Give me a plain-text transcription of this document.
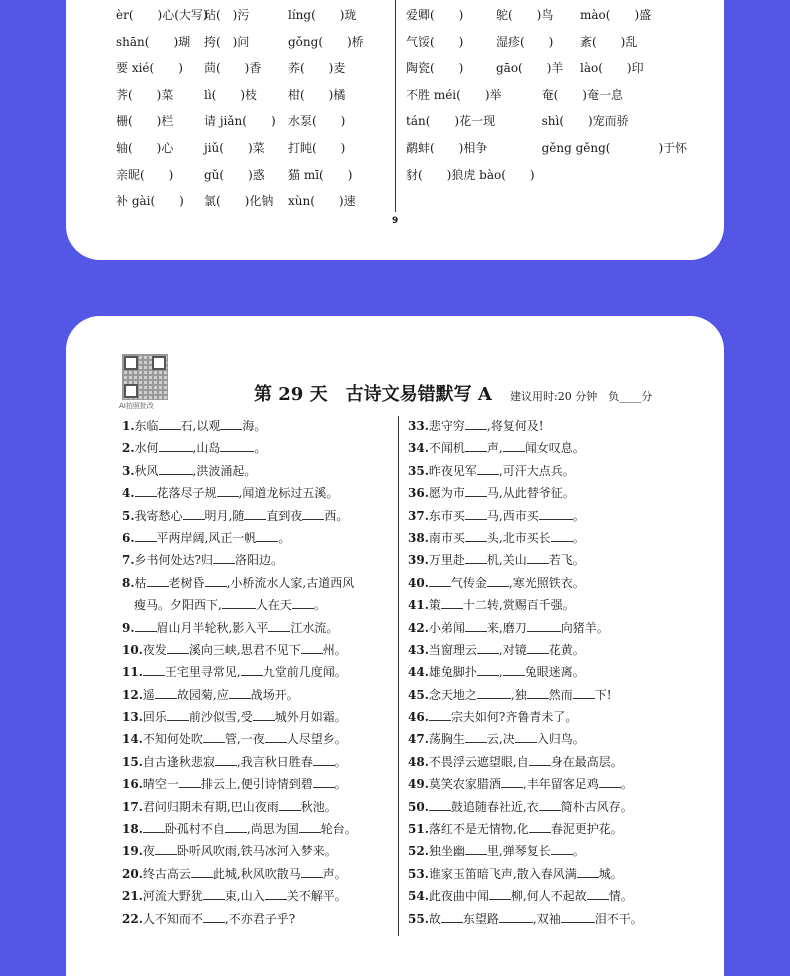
èr(　　)心(大写)玷(　)污	líng(　　)珑
shān(　　)瑚 挎(　)问	gǒng(　　)桥
要 xié(　　) 茴(　　)香 荞(　　)麦
荠(　　)菜	lì(　　)枝	柑(　　)橘
栅(　　)栏	请 jiǎn(　　) 水泵(　　)
轴(　　)心	jiǔ(　　)菜 打盹(　　)
亲昵(　　)	gǔ(　　)惑 猫 mī(　　)
补 gài(　　) 氯(　　)化钠 xùn(　　)速
爱卿(　　)	鸵(　　)鸟 mào(　　)盛
气馁(　　)	湿疹(　　) 紊(　　)乱
陶瓷(　　)	gāo(　　)羊 lào(　　)印
不胜 méi(　　)举	奄(　　)奄一息
tán(　　)花一现	shì(　　)宠而骄
鹬蚌(　　)相争	gěng gěng(　　　　)于怀
豺(　　)狼虎 bào(　　)
9
AI拍照批改
第 29 天　古诗文易错默写 A 建议用时:20 分钟　负____分
1.东临 石,以观 海。
2.水何	,山岛	。
3.秋风	,洪波涌起。
4. 花落尽子规 ,闻道龙标过五溪。
5.我寄愁心 明月,随 直到夜 西。
6. 平两岸阔,风正一帆 。
7.乡书何处达?归 洛阳边。
8.枯 老树昏 ,小桥流水人家,古道西风
瘦马。夕阳西下,	人在天 。
9. 眉山月半轮秋,影入平 江水流。
10.夜发 溪向三峡,思君不见下 州。
11. 王宅里寻常见, 九堂前几度闻。
12.遥 故园菊,应 战场开。
13.回乐 前沙似雪,受 城外月如霜。
14.不知何处吹 管,一夜 人尽望乡。
15.自古逢秋悲寂 ,我言秋日胜春 。
16.晴空一 排云上,便引诗情到碧 。
17.君问归期未有期,巴山夜雨 秋池。
18. 卧孤村不自 ,尚思为国 轮台。
19.夜 卧听风吹雨,铁马冰河入梦来。
20.终古高云 此城,秋风吹散马 声。
21.河流大野犹 束,山入 关不解平。
22.人不知而不 ,不亦君子乎?
33.悲守穷 ,将复何及!
34.不闻机 声, 闻女叹息。
35.昨夜见军 ,可汗大点兵。
36.愿为市 马,从此替爷征。
37.东市买 马,西市买	。
38.南市买 头,北市买长 。
39.万里赴 机,关山 若飞。
40. 气传金 ,寒光照铁衣。
41.策 十二转,赏赐百千强。
42.小弟闻 来,磨刀	向猪羊。
43.当窗理云 ,对镜 花黄。
44.雄兔脚扑 , 兔眼迷离。
45.念天地之	,独 然而 下!
46. 宗夫如何?齐鲁青未了。
47.荡胸生 云,决 入归鸟。
48.不畏浮云遮望眼,自 身在最高层。
49.莫笑农家腊酒 ,丰年留客足鸡 。
50. 鼓追随春社近,衣 简朴古风存。
51.落红不是无情物,化 春泥更护花。
52.独坐幽 里,弹琴复长 。
53.谁家玉笛暗飞声,散入春风满 城。
54.此夜曲中闻 柳,何人不起故 情。
55.故 东望路	,双袖	泪不干。
